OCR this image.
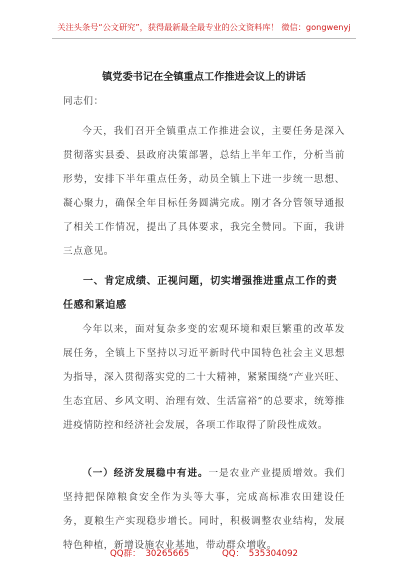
关注头条号“公文研究”，获得最新最全最专业的公文资料库！ 微信：gongwenyj
镇党委书记在全镇重点工作推进会议上的讲话

同志们：

今天，我们召开全镇重点工作推进会议，主要任务是深入贯彻落实县委、县政府决策部署，总结上半年工作，分析当前形势，安排下半年重点任务，动员全镇上下进一步统一思想、凝心聚力，确保全年目标任务圆满完成。刚才各分管领导通报了相关工作情况，提出了具体要求，我完全赞同。下面，我讲三点意见。

一、肯定成绩、正视问题，切实增强推进重点工作的责任感和紧迫感

今年以来，面对复杂多变的宏观环境和艰巨繁重的改革发展任务，全镇上下坚持以习近平新时代中国特色社会主义思想为指导，深入贯彻落实党的二十大精神，紧紧围绕“产业兴旺、生态宜居、乡风文明、治理有效、生活富裕”的总要求，统筹推进疫情防控和经济社会发展，各项工作取得了阶段性成效。

（一）经济发展稳中有进。一是农业产业提质增效。我们坚持把保障粮食安全作为头等大事，完成高标准农田建设任务，夏粮生产实现稳步增长。同时，积极调整农业结构，发展特色种植，新增设施农业基地，带动群众增收。

QQ群： 30265665	QQ： 535304092
